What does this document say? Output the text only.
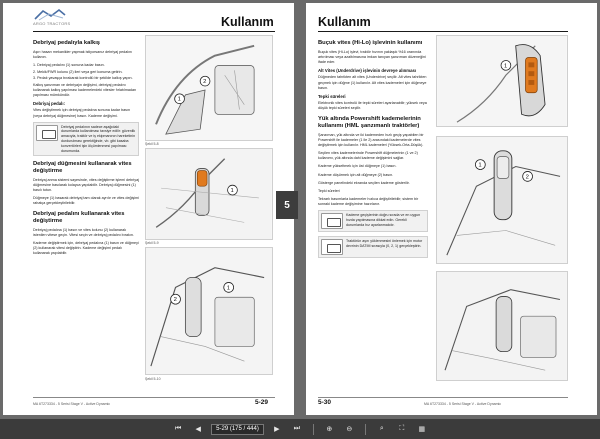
ARGO TRACTORS	Kullanım
Debriyaj pedalıyla kalkış

Aşırı hasarı mekanikler yapmak istiyorsanız debriyaj pedalını kullanın.

1. Debriyaj pedalını (1) sonuna kadar basın.

2. Mekik/FWR kolunu (2) ileri veya geri konuma getirin.

3. Pedalı yavaşça bırakarak kontrollü bir şekilde kalkış yapın.

Kalkış şanzıman ve debriyajın değişimi, debriyaj pedalını kullanarak kalkış yapılması kademelerdeki vitesler fırlatılmadan yapılması mümkündür.

Debriyaj pedalı:

Vites değiştirmek için debriyaj pedalına sonuna kadar basın (veya debriyaj düğmesine) basın. Kademe değişimi.

Debriyaj pedalının sadece aşağıdaki durumlarda kullanılması tavsiye edilir: güvenlik amacıyla, traktör ve iş ekipmanının hareketinin durdurulması gerektiğinde, vb. gibi kasaba konvertörleri işin ölçümlenmesi yapılması durumunda.
Debriyaj düğmesini kullanarak vites değiştirme

Debriyaj anma sistemi sayesinde, vites değiştirme işlemi debriyaj düğmesine basılarak kolayca yapılabilir. Debriyaj düğmesini (1) basılı tutun.

Düğmeye (1) basarak debriyaj tam olarak ayrılır ve vites değişimi rahatça gerçekleştirilebilir.

Debriyaj pedalını kullanarak vites değiştirme

Debriyaj pedalına (1) basın ve vites kolunu (2) kullanarak istenilen vitese geçin. Vitesi seçin ve debriyaj pedalını bırakın.

Kademe değiştirmek için, debriyaj pedalına (1) basın ve düğmeyi (2) kullanarak vitesi değiştirin. Kademe değişimi pedalı kullanarak yapılabilir.

1
2
Şekil 5-8
1
Şekil 5-9
2
1
Şekil 5-10
MA 6T273334 - 5 Serisi Stage V - Active Dynamic	5-29
5
Kullanım
Buçuk vites (Hi-Lo) işlevinin kullanımı

Buçuk vites (Hi-Lo) işlevi, traktör hızının yaklaşık %16 oranında artırılması veya azaltılmasına imkan tanıyan şanzıman düzeneğini ifade eder.

Alt Vites (Underdrive) işlevinin devreye alınması

Düğmeden tahrikten alt vites (Underdrive) seçilir. Alt vites tahrikten geçmek için düğme (1) kullanılır. Alt vites kademeleri için düğmeye basın.

Tepki süreleri

Elektronik vites kontrolü ile tepki süreleri ayarlanabilir; yüksek veya düşük tepki süreleri seçilir.

Yük altında Powershift kademelerinin kullanımı (HML şanzımanlı traktörler)

Şanzıman, yük altında ve iki kademeden hızlı geçiş yapabilen bir Powershift ile kademeler (1 ile 2) arasındaki kademelerde vites değiştirmek için kullanılır. HML kademeleri (Yüksek-Orta-Düşük).

Seçilen vites kademelerinde Powershift düğmelerinin (1 ve 2) kullanımı, yük altında dahi kademe değişimini sağlar.

Kademe yükseltmek için üst düğmeye (1) basın.

Kademe düşürmek için alt düğmeye (2) basın.

Gösterge panelindeki ekranda seçilen kademe gösterilir.

Tepki süreleri

Tekrarlı basımlarla kademeler hızlıca değiştirilebilir; sistem bir sonraki kademe değişimine hazırlanır.

Kademe geçişlerinin doğru sırada ve en uygun hızda yapılmasına dikkat edin. Gerekli durumlarda hız ayarlanmalıdır.
Traktörün aşırı yüklenmesini önlemek için motor devrinin DATIM sırasıyla (0, 2, 1) gerçekleştirin.
1
1
2
5-30	MA 6T273334 - 5 Serisi Stage V - Active Dynamic
⏮	◀	5-29 (175 / 444)	▶	⏭	⊕	⊖	⌕	⛶	▦
